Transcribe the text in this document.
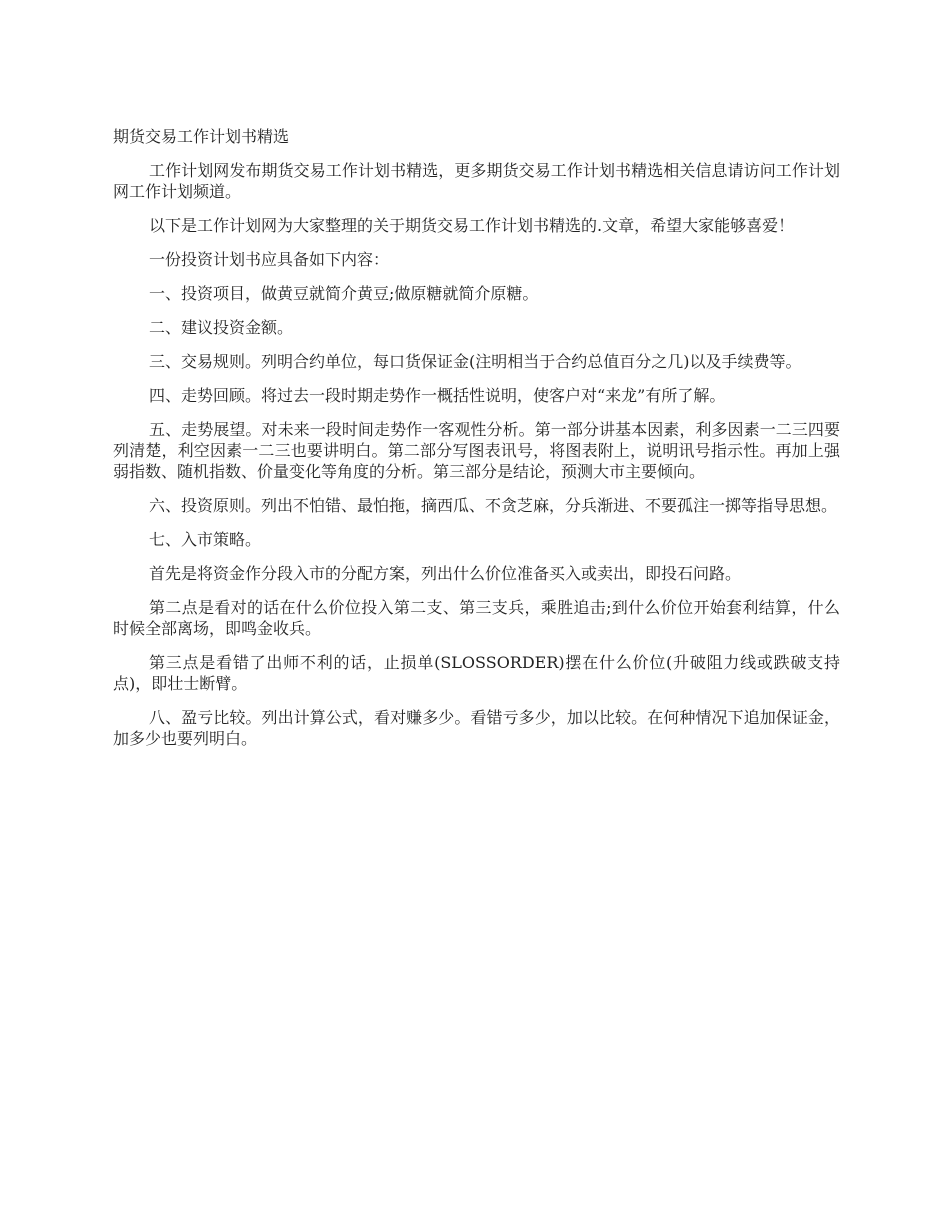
期货交易工作计划书精选

工作计划网发布期货交易工作计划书精选，更多期货交易工作计划书精选相关信息请访问工作计划网工作计划频道。

以下是工作计划网为大家整理的关于期货交易工作计划书精选的.文章，希望大家能够喜爱！

一份投资计划书应具备如下内容：

一、投资项目，做黄豆就简介黄豆;做原糖就简介原糖。

二、建议投资金额。

三、交易规则。列明合约单位，每口货保证金(注明相当于合约总值百分之几)以及手续费等。

四、走势回顾。将过去一段时期走势作一概括性说明，使客户对“来龙”有所了解。

五、走势展望。对未来一段时间走势作一客观性分析。第一部分讲基本因素，利多因素一二三四要列清楚，利空因素一二三也要讲明白。第二部分写图表讯号，将图表附上，说明讯号指示性。再加上强弱指数、随机指数、价量变化等角度的分析。第三部分是结论，预测大市主要倾向。

六、投资原则。列出不怕错、最怕拖，摘西瓜、不贪芝麻，分兵渐进、不要孤注一掷等指导思想。

七、入市策略。

首先是将资金作分段入市的分配方案，列出什么价位准备买入或卖出，即投石问路。

第二点是看对的话在什么价位投入第二支、第三支兵，乘胜追击;到什么价位开始套利结算，什么时候全部离场，即鸣金收兵。

第三点是看错了出师不利的话，止损单(SLOSSORDER)摆在什么价位(升破阻力线或跌破支持点)，即壮士断臂。

八、盈亏比较。列出计算公式，看对赚多少。看错亏多少，加以比较。在何种情况下追加保证金，加多少也要列明白。
